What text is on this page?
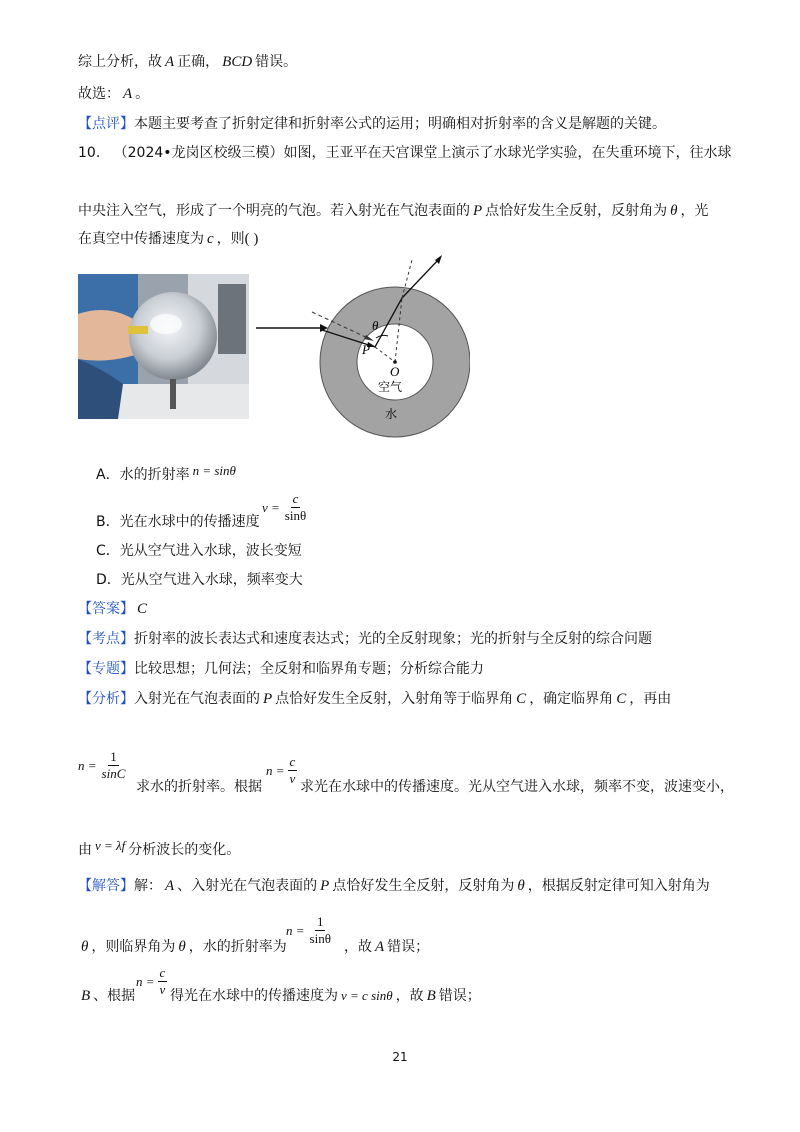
综上分析，故 A 正确， BCD 错误。
故选： A 。
【点评】本题主要考查了折射定律和折射率公式的运用；明确相对折射率的含义是解题的关键。
10. （2024•龙岗区校级三模）如图，王亚平在天宫课堂上演示了水球光学实验，在失重环境下，往水球
中央注入空气，形成了一个明亮的气泡。若入射光在气泡表面的 P 点恰好发生全反射，反射角为 θ ，光
在真空中传播速度为 c ，则( )
θ
P
O
空气
水
A．水的折射率 n = sinθ
B．光在水球中的传播速度
$v = \frac{c}{\sin\theta}$
C．光从空气进入水球，波长变短
D．光从空气进入水球，频率变大
【答案】 C
【考点】折射率的波长表达式和速度表达式；光的全反射现象；光的折射与全反射的综合问题
【专题】比较思想；几何法；全反射和临界角专题；分析综合能力
【分析】入射光在气泡表面的 P 点恰好发生全反射，入射角等于临界角 C ，确定临界角 C ，再由
$n = \frac{1}{\sin C}$
求水的折射率。根据
$n = \frac{c}{v}$
求光在水球中的传播速度。光从空气进入水球，频率不变，波速变小，
由 v = λf 分析波长的变化。
【解答】解： A 、入射光在气泡表面的 P 点恰好发生全反射，反射角为 θ ，根据反射定律可知入射角为
θ ，则临界角为 θ ，水的折射率为
$n = \frac{1}{\sin\theta}$
，故 A 错误；
B 、根据
$n = \frac{c}{v}$ 得光在水球中的传播速度为 v = c sinθ ，故 B 错误；
21
